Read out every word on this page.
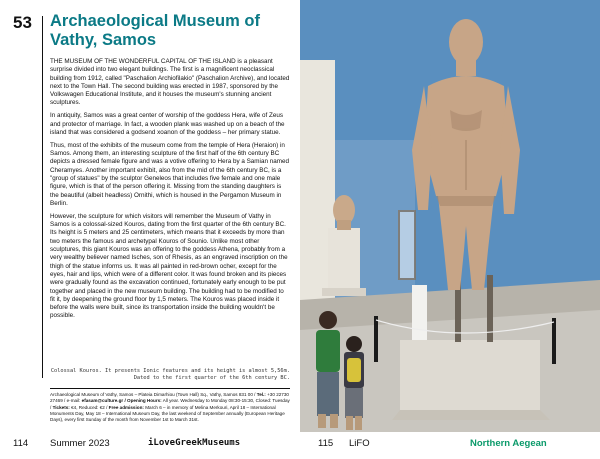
53 Archaeological Museum of Vathy, Samos

THE MUSEUM OF THE WONDERFUL CAPITAL OF THE ISLAND is a pleasant surprise divided into two elegant buildings. The first is a magnificent neoclassical building from 1912, called "Paschalion Archiofilakio" (Paschalion Archive), and located next to the Town Hall. The second building was erected in 1987, sponsored by the Volkswagen Educational Institute, and it houses the museum's stunning ancient sculptures.

In antiquity, Samos was a great center of worship of the goddess Hera, wife of Zeus and protector of marriage. In fact, a wooden plank was washed up on a beach of the island that was considered a godsend xoanon of the goddess – her primary statue.

Thus, most of the exhibits of the museum come from the temple of Hera (Heraion) in Samos. Among them, an interesting sculpture of the first half of the 6th century BC depicts a dressed female figure and was a votive offering to Hera by a Samian named Cheramyes. Another important exhibit, also from the mid of the 6th century BC, is a "group of statues" by the sculptor Geneleos that includes five female and one male figure, which is that of the person offering it. Missing from the standing daughters is the beautiful (albeit headless) Ornithi, which is housed in the Pergamon Museum in Berlin.

However, the sculpture for which visitors will remember the Museum of Vathy in Samos is a colossal-sized Kouros, dating from the first quarter of the 6th century BC. Its height is 5 meters and 25 centimeters, which means that it exceeds by more than two meters the famous and archetypal Kouros of Sounio. Unlike most other sculptures, this giant Kouros was an offering to the goddess Athena, probably from a very wealthy believer named Isches, son of Rhesis, as an engraved inscription on the thigh of the statue informs us. It was all painted in red-brown ocher, except for the eyes, hair and lips, which were of a different color. It was found broken and its pieces were gradually found as the excavation continued, fortunately early enough to be put together and placed in the new museum building. The building had to be modified to fit it, by deepening the ground floor by 1,5 meters. The Kouros was placed inside it before the walls were built, since its transportation inside the building wouldn't be possible.

Colossal Kouros. It presents Ionic features and its height is almost 5,56m. Dated to the first quarter of the 6th century BC.
Archaeological Museum of Vathy, Samos – Plateia Dimarhiou (Town Hall) Sq., Vathy, Samos 831 00 / Tel.: +30 22730 27469 / e-mail: efasam@culture.gr / Opening Hours: All year. Wednesday to Monday 08:30-15:30, Closed: Tuesday / Tickets: €4, Reduced: €2 / Free admission: March 6 – in memory of Melina Merkouri, April 18 – International Monuments Day, May 18 – International Museum Day, the last weekend of September annually (European Heritage Days), every first Sunday of the month from November 1st to March 31st.
114 Summer 2023	iLoveGreekMuseums	115 LiFO	Northern Aegean
